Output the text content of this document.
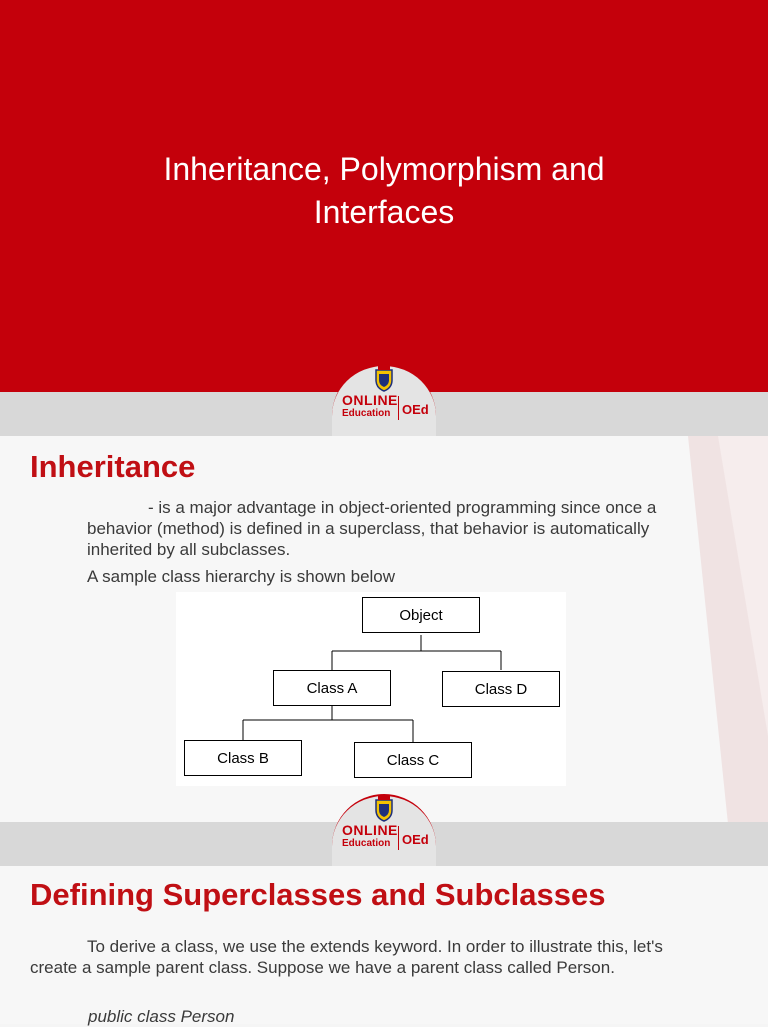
Inheritance, Polymorphism and Interfaces
ONLINE
Education OEd
Inheritance
- is a major advantage in object-oriented programming since once a behavior (method) is defined in a superclass, that behavior is automatically inherited by all subclasses.
A sample class hierarchy is shown below
Object
Class A	Class D
Class B	Class C
ONLINE
Education OEd
Defining Superclasses and Subclasses
To derive a class, we use the extends keyword. In order to illustrate this, let's create a sample parent class. Suppose we have a parent class called Person.
public class Person
